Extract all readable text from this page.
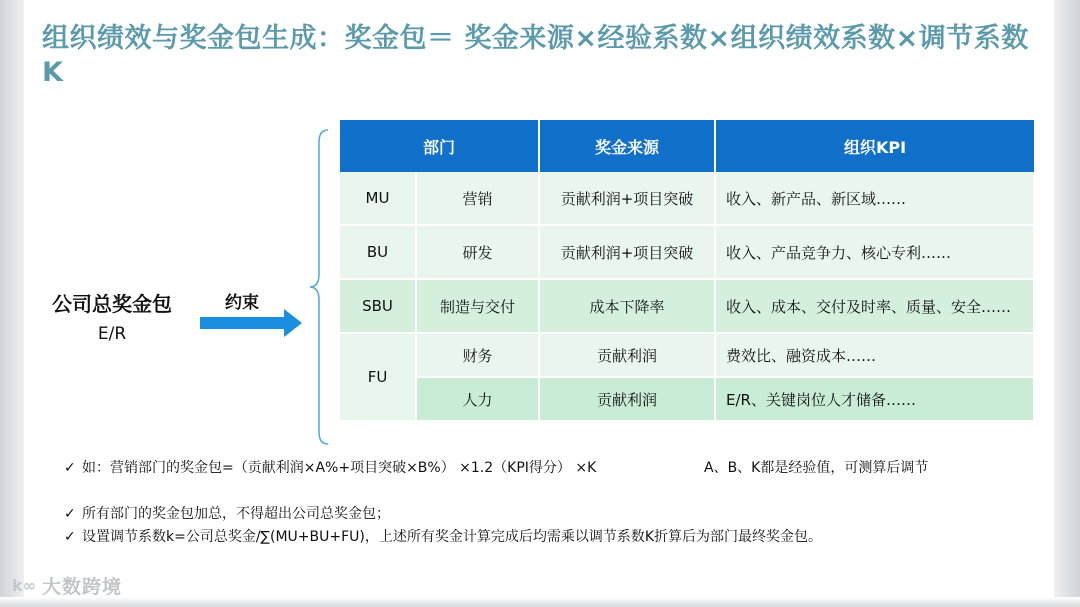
组织绩效与奖金包生成：奖金包＝ 奖金来源×经验系数×组织绩效系数×调节系数K
公司总奖金包
E/R
约束
部门		奖金来源	组织KPI
MU	营销	贡献利润+项目突破	收入、新产品、新区域……
BU	研发	贡献利润+项目突破	收入、产品竞争力、核心专利……
SBU	制造与交付	成本下降率	收入、成本、交付及时率、质量、安全……
FU	财务	贡献利润	费效比、融资成本……
	人力	贡献利润	E/R、关键岗位人才储备……
✓ 如：营销部门的奖金包=（贡献利润×A%+项目突破×B%） ×1.2（KPI得分） ×K	A、B、K都是经验值，可测算后调节
✓ 所有部门的奖金包加总，不得超出公司总奖金包；
✓ 设置调节系数k=公司总奖金/∑(MU+BU+FU)，上述所有奖金计算完成后均需乘以调节系数K折算后为部门最终奖金包。
k∞ 大数跨境
